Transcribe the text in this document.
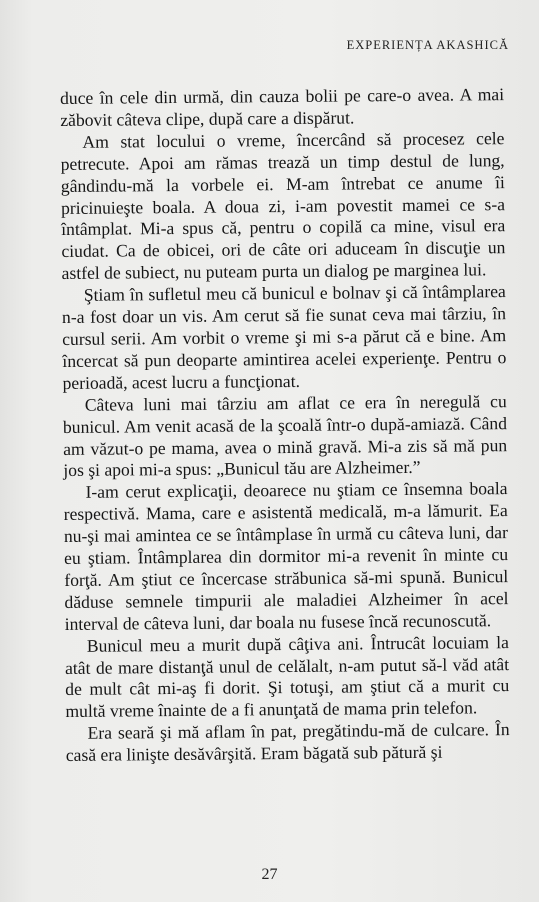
EXPERIENȚA AKASHICĂ

duce în cele din urmă, din cauza bolii pe care-o avea. A mai zăbovit câteva clipe, după care a dispărut.

Am stat locului o vreme, încercând să procesez cele petrecute. Apoi am rămas trează un timp destul de lung, gândindu-mă la vorbele ei. M-am întrebat ce anume îi pricinuieşte boala. A doua zi, i-am povestit mamei ce s-a întâmplat. Mi-a spus că, pentru o copilă ca mine, visul era ciudat. Ca de obicei, ori de câte ori aduceam în discuţie un astfel de subiect, nu puteam purta un dialog pe marginea lui.

Ştiam în sufletul meu că bunicul e bolnav şi că întâmplarea n-a fost doar un vis. Am cerut să fie sunat ceva mai târziu, în cursul serii. Am vorbit o vreme şi mi s-a părut că e bine. Am încercat să pun deoparte amintirea acelei experienţe. Pentru o perioadă, acest lucru a funcţionat.

Câteva luni mai târziu am aflat ce era în neregulă cu bunicul. Am venit acasă de la şcoală într-o după-amiază. Când am văzut-o pe mama, avea o mină gravă. Mi-a zis să mă pun jos şi apoi mi-a spus: „Bunicul tău are Alzheimer.”

I-am cerut explicaţii, deoarece nu ştiam ce însemna boala respectivă. Mama, care e asistentă medicală, m-a lămurit. Ea nu-şi mai amintea ce se întâmplase în urmă cu câteva luni, dar eu ştiam. Întâmplarea din dormitor mi-a revenit în minte cu forţă. Am ştiut ce încercase străbunica să-mi spună. Bunicul dăduse semnele timpurii ale maladiei Alzheimer în acel interval de câteva luni, dar boala nu fusese încă recunoscută.

Bunicul meu a murit după câţiva ani. Întrucât locuiam la atât de mare distanţă unul de celălalt, n-am putut să-l văd atât de mult cât mi-aş fi dorit. Şi totuşi, am ştiut că a murit cu multă vreme înainte de a fi anunţată de mama prin telefon.

Era seară şi mă aflam în pat, pregătindu-mă de culcare. În casă era linişte desăvârşită. Eram băgată sub pătură şi

27
